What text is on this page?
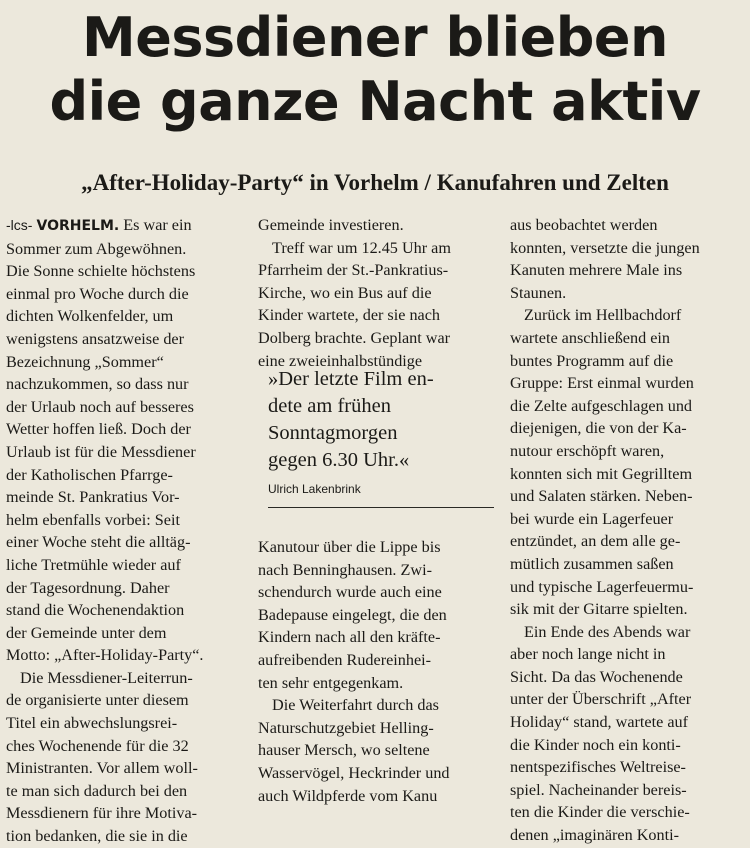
Messdiener blieben
die ganze Nacht aktiv
„After-Holiday-Party“ in Vorhelm / Kanufahren und Zelten

-lcs- VORHELM. Es war ein
Sommer zum Abgewöhnen.
Die Sonne schielte höchstens
einmal pro Woche durch die
dichten Wolkenfelder, um
wenigstens ansatzweise der
Bezeichnung „Sommer“
nachzukommen, so dass nur
der Urlaub noch auf besseres
Wetter hoffen ließ. Doch der
Urlaub ist für die Messdiener
der Katholischen Pfarrge-
meinde St. Pankratius Vor-
helm ebenfalls vorbei: Seit
einer Woche steht die alltäg-
liche Tretmühle wieder auf
der Tagesordnung. Daher
stand die Wochenendaktion
der Gemeinde unter dem
Motto: „After-Holiday-Party“.

Die Messdiener-Leiterrun-
de organisierte unter diesem
Titel ein abwechslungsrei-
ches Wochenende für die 32
Ministranten. Vor allem woll-
te man sich dadurch bei den
Messdienern für ihre Motiva-
tion bedanken, die sie in die

Gemeinde investieren.

Treff war um 12.45 Uhr am
Pfarrheim der St.-Pankratius-
Kirche, wo ein Bus auf die
Kinder wartete, der sie nach
Dolberg brachte. Geplant war
eine zweieinhalbstündige

»Der letzte Film en-
dete am frühen
Sonntagmorgen
gegen 6.30 Uhr.«

Ulrich Lakenbrink

Kanutour über die Lippe bis
nach Benninghausen. Zwi-
schendurch wurde auch eine
Badepause eingelegt, die den
Kindern nach all den kräfte-
aufreibenden Rudereinhei-
ten sehr entgegenkam.

Die Weiterfahrt durch das
Naturschutzgebiet Helling-
hauser Mersch, wo seltene
Wasservögel, Heckrinder und
auch Wildpferde vom Kanu

aus beobachtet werden
konnten, versetzte die jungen
Kanuten mehrere Male ins
Staunen.

Zurück im Hellbachdorf
wartete anschließend ein
buntes Programm auf die
Gruppe: Erst einmal wurden
die Zelte aufgeschlagen und
diejenigen, die von der Ka-
nutour erschöpft waren,
konnten sich mit Gegrilltem
und Salaten stärken. Neben-
bei wurde ein Lagerfeuer
entzündet, an dem alle ge-
mütlich zusammen saßen
und typische Lagerfeuermu-
sik mit der Gitarre spielten.

Ein Ende des Abends war
aber noch lange nicht in
Sicht. Da das Wochenende
unter der Überschrift „After
Holiday“ stand, wartete auf
die Kinder noch ein konti-
nentspezifisches Weltreise-
spiel. Nacheinander bereis-
ten die Kinder die verschie-
denen „imaginären Konti-
